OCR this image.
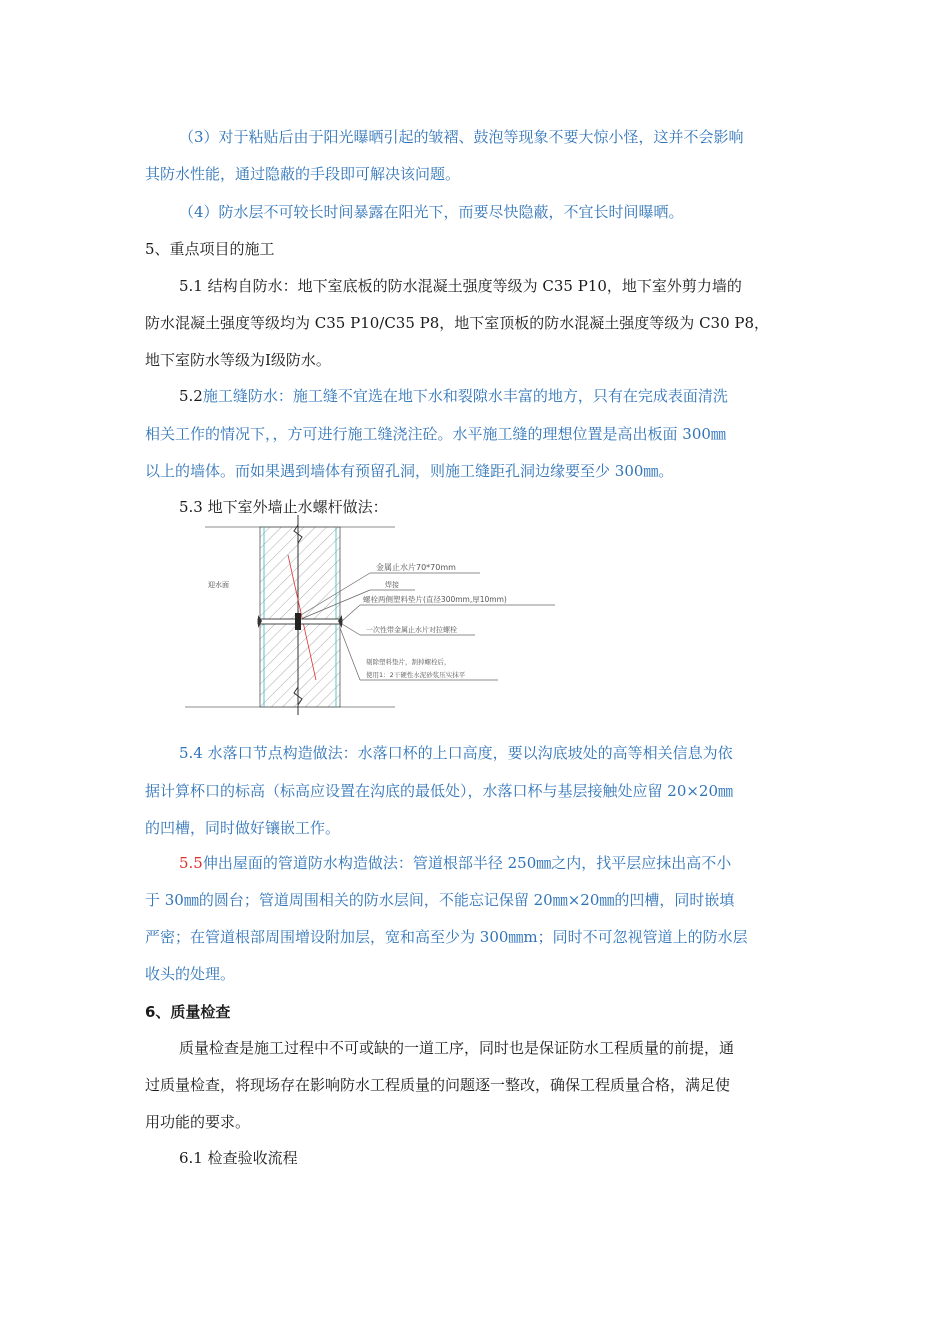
（3）对于粘贴后由于阳光曝晒引起的皱褶、鼓泡等现象不要大惊小怪，这并不会影响
其防水性能，通过隐蔽的手段即可解决该问题。
（4）防水层不可较长时间暴露在阳光下，而要尽快隐蔽，不宜长时间曝晒。
5、重点项目的施工
5.1 结构自防水：地下室底板的防水混凝土强度等级为 C35 P10，地下室外剪力墙的
防水混凝土强度等级均为 C35 P10/C35 P8，地下室顶板的防水混凝土强度等级为 C30 P8，
地下室防水等级为Ⅰ级防水。
5.2施工缝防水：施工缝不宜选在地下水和裂隙水丰富的地方，只有在完成表面清洗
相关工作的情况下，，方可进行施工缝浇注砼。水平施工缝的理想位置是高出板面 300㎜
以上的墙体。而如果遇到墙体有预留孔洞，则施工缝距孔洞边缘要至少 300㎜。
5.3 地下室外墙止水螺杆做法：
迎水面
金属止水片70*70mm
焊接
螺栓两侧塑料垫片(直径300mm,厚10mm)
一次性带金属止水片对拉螺栓
剔除塑料垫片，割掉螺栓后，
使用1：2干硬性水泥砂浆压实抹平
5.4 水落口节点构造做法：水落口杯的上口高度，要以沟底坡处的高等相关信息为依
据计算杯口的标高（标高应设置在沟底的最低处），水落口杯与基层接触处应留 20×20㎜
的凹槽，同时做好镶嵌工作。
5.5伸出屋面的管道防水构造做法：管道根部半径 250㎜之内，找平层应抹出高不小
于 30㎜的圆台；管道周围相关的防水层间，不能忘记保留 20㎜×20㎜的凹槽，同时嵌填
严密；在管道根部周围增设附加层，宽和高至少为 300㎜m；同时不可忽视管道上的防水层
收头的处理。
6、质量检查
质量检查是施工过程中不可或缺的一道工序，同时也是保证防水工程质量的前提，通
过质量检查，将现场存在影响防水工程质量的问题逐一整改，确保工程质量合格，满足使
用功能的要求。
6.1 检查验收流程
